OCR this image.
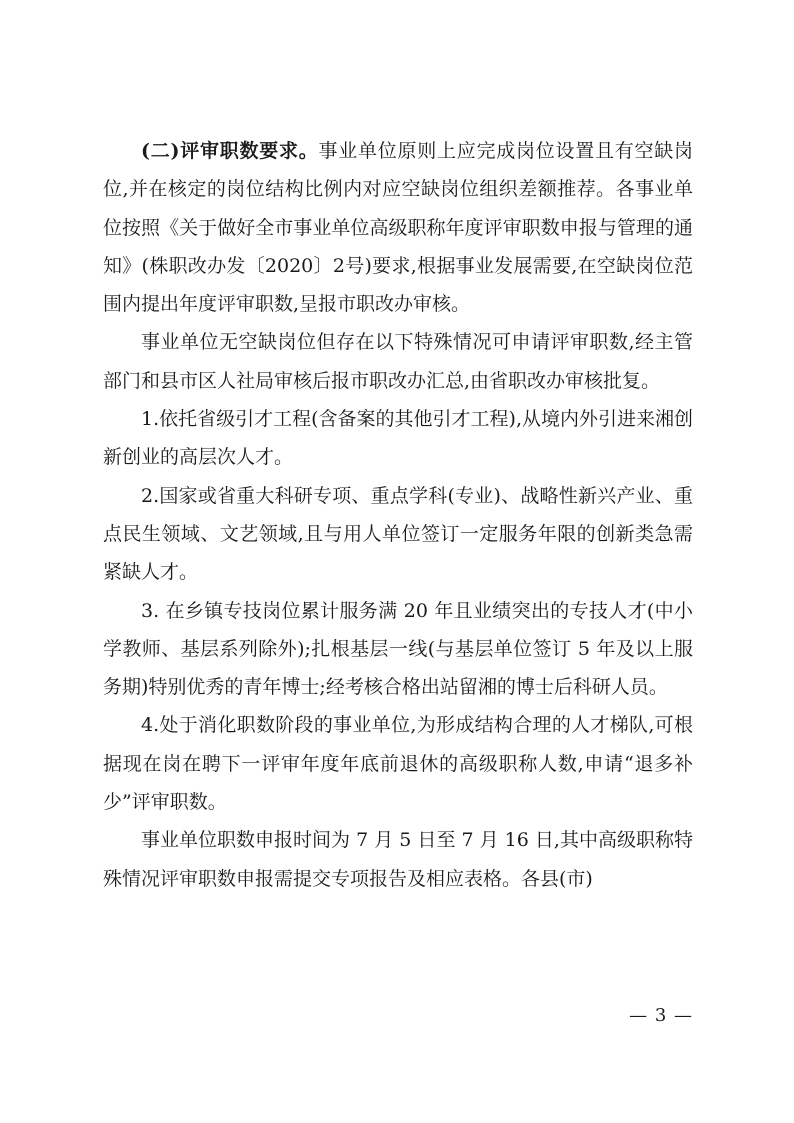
(二)评审职数要求。事业单位原则上应完成岗位设置且有空缺岗位,并在核定的岗位结构比例内对应空缺岗位组织差额推荐。各事业单位按照《关于做好全市事业单位高级职称年度评审职数申报与管理的通知》(株职改办发〔2020〕2号)要求,根据事业发展需要,在空缺岗位范围内提出年度评审职数,呈报市职改办审核。

事业单位无空缺岗位但存在以下特殊情况可申请评审职数,经主管部门和县市区人社局审核后报市职改办汇总,由省职改办审核批复。

1.依托省级引才工程(含备案的其他引才工程),从境内外引进来湘创新创业的高层次人才。

2.国家或省重大科研专项、重点学科(专业)、战略性新兴产业、重点民生领域、文艺领域,且与用人单位签订一定服务年限的创新类急需紧缺人才。

3. 在乡镇专技岗位累计服务满 20 年且业绩突出的专技人才(中小学教师、基层系列除外);扎根基层一线(与基层单位签订 5 年及以上服务期)特别优秀的青年博士;经考核合格出站留湘的博士后科研人员。

4.处于消化职数阶段的事业单位,为形成结构合理的人才梯队,可根据现在岗在聘下一评审年度年底前退休的高级职称人数,申请“退多补少”评审职数。

事业单位职数申报时间为 7 月 5 日至 7 月 16 日,其中高级职称特殊情况评审职数申报需提交专项报告及相应表格。各县(市)

— 3 —
